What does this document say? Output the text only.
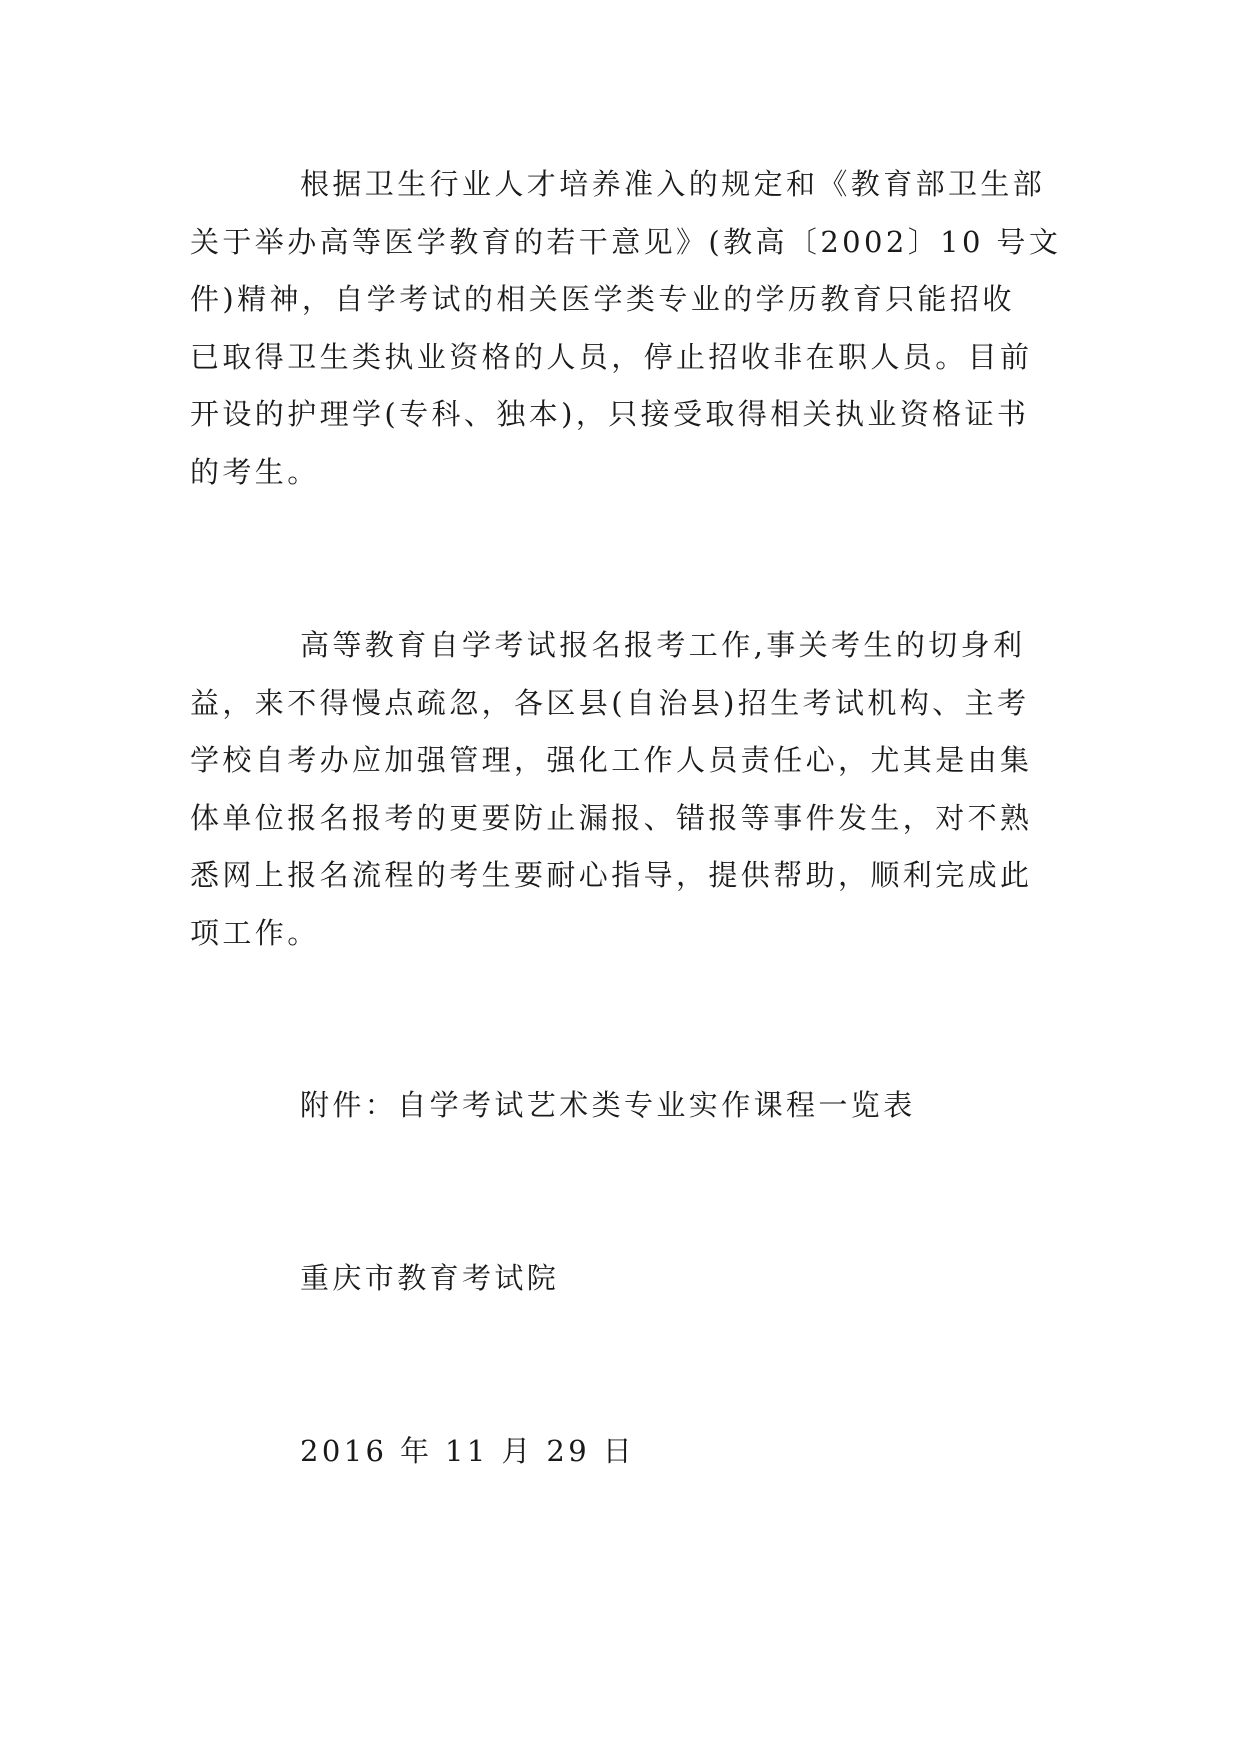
根据卫生行业人才培养准入的规定和《教育部卫生部
关于举办高等医学教育的若干意见》(教高〔2002〕10 号文
件)精神，自学考试的相关医学类专业的学历教育只能招收
已取得卫生类执业资格的人员，停止招收非在职人员。目前
开设的护理学(专科、独本)，只接受取得相关执业资格证书
的考生。
高等教育自学考试报名报考工作,事关考生的切身利
益，来不得慢点疏忽，各区县(自治县)招生考试机构、主考
学校自考办应加强管理，强化工作人员责任心，尤其是由集
体单位报名报考的更要防止漏报、错报等事件发生，对不熟
悉网上报名流程的考生要耐心指导，提供帮助，顺利完成此
项工作。
附件：自学考试艺术类专业实作课程一览表
重庆市教育考试院
2016 年 11 月 29 日
